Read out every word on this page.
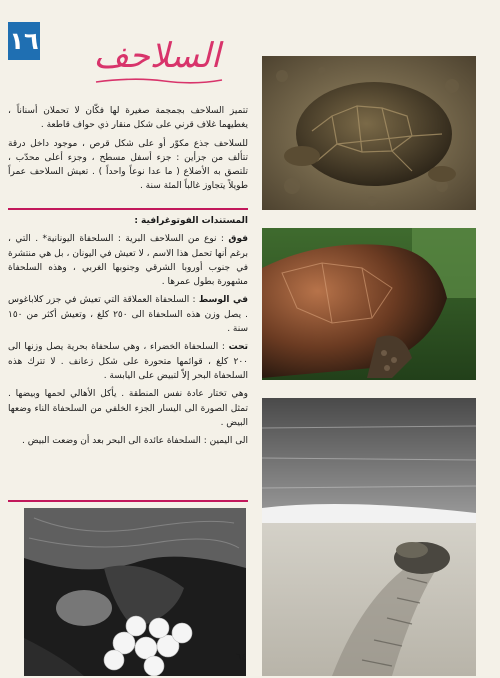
١٦	السلاحف

تتميز السلاحف بجمجمة صغيرة لها فكّان لا تحملان أسناناً ، يغطيهما غلاف قرني على شكل منقار ذي حواف قاطعة .

للسلاحف جذع مكوّر أو على شكل قرص ، موجود داخل درقة تتألف من جزأين : جزء أسفل مسطح ، وجزء أعلى محدّب ، تلتصق به الأضلاع ( ما عدا نوعاً واحداً ) . تعيش السلاحف عمراً طويلاً يتجاوز غالباً المئة سنة .

المستندات الفوتوغرافية :

فوق : نوع من السلاحف البرية : السلحفاة اليونانية* . التي ، برغم أنها تحمل هذا الاسم ، لا تعيش في اليونان ، بل هي منتشرة في جنوب أوروبا الشرقي وجنوبها الغربي ، وهذه السلحفاة مشهورة بطول عمرها .

في الوسط : السلحفاة العملاقة التي تعيش في جزر كلاباغوس . يصل وزن هذه السلحفاة الى ٢٥٠ كلغ ، وتعيش أكثر من ١٥٠ سنة .

تحت : السلحفاة الخضراء ، وهي سلحفاة بحرية يصل وزنها الى ٢٠٠ كلغ ، قوائمها متحورة على شكل زعانف . لا تترك هذه السلحفاة البحر إلاّ لتبيض على اليابسة .

وهي تختار عادة نفس المنطقة . يأكل الأهالي لحمها وبيضها . تمثل الصورة الى اليسار الجزء الخلفي من السلحفاة الناء وضعها البيض .

الى اليمين : السلحفاة عائدة الى البحر بعد أن وضعت البيض .

٦٤
